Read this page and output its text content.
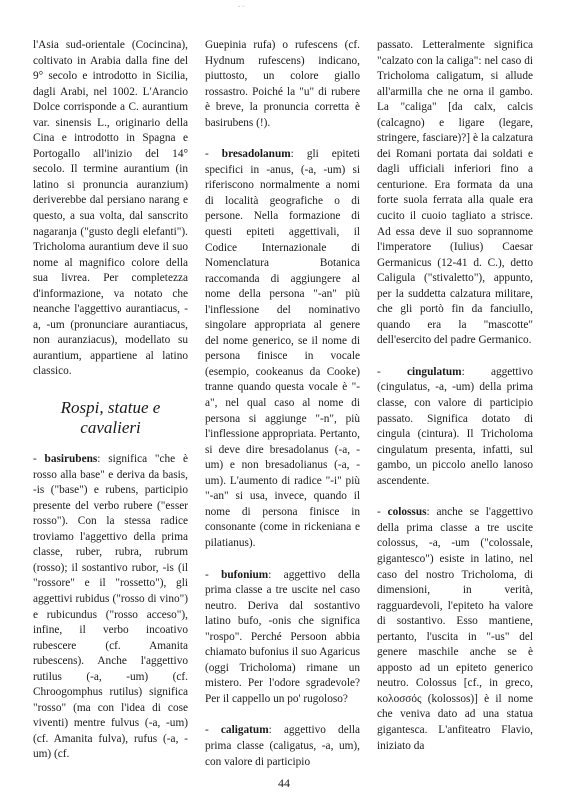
ᵕ ᵕ

l'Asia sud-orientale (Cocincina), coltivato in Arabia dalla fine del 9° secolo e introdotto in Sicilia, dagli Arabi, nel 1002. L'Arancio Dolce corrisponde a C. aurantium var. sinensis L., originario della Cina e introdotto in Spagna e Portogallo all'inizio del 14° secolo. Il termine aurantium (in latino si pronuncia auranzium) deriverebbe dal persiano narang e questo, a sua volta, dal sanscrito nagaranja ("gusto degli elefanti"). Tricholoma aurantium deve il suo nome al magnifico colore della sua livrea. Per completezza d'informazione, va notato che neanche l'aggettivo aurantiacus, -a, -um (pronunciare aurantiacus, non auranziacus), modellato su aurantium, appartiene al latino classico.

Rospi, statue e cavalieri

- basirubens: significa "che è rosso alla base" e deriva da basis, -is ("base") e rubens, participio presente del verbo rubere ("esser rosso"). Con la stessa radice troviamo l'aggettivo della prima classe, ruber, rubra, rubrum (rosso); il sostantivo rubor, -is (il "rossore" e il "rossetto"), gli aggettivi rubidus ("rosso di vino") e rubicundus ("rosso acceso"), infine, il verbo incoativo rubescere (cf. Amanita rubescens). Anche l'aggettivo rutilus (-a, -um) (cf. Chroogomphus rutilus) significa "rosso" (ma con l'idea di cose viventi) mentre fulvus (-a, -um) (cf. Amanita fulva), rufus (-a, -um) (cf.

Guepinia rufa) o rufescens (cf. Hydnum rufescens) indicano, piuttosto, un colore giallo rossastro. Poiché la "u" di rubere è breve, la pronuncia corretta è basirubens (!).

- bresadolanum: gli epiteti specifici in -anus, (-a, -um) si riferiscono normalmente a nomi di località geografiche o di persone. Nella formazione di questi epiteti aggettivali, il Codice Internazionale di Nomenclatura Botanica raccomanda di aggiungere al nome della persona "-an" più l'inflessione del nominativo singolare appropriata al genere del nome generico, se il nome di persona finisce in vocale (esempio, cookeanus da Cooke) tranne quando questa vocale è "-a", nel qual caso al nome di persona si aggiunge "-n", più l'inflessione appropriata. Pertanto, si deve dire bresadolanus (-a, -um) e non bresadolianus (-a, -um). L'aumento di radice "-i" più "-an" si usa, invece, quando il nome di persona finisce in consonante (come in rickeniana e pilatianus).

- bufonium: aggettivo della prima classe a tre uscite nel caso neutro. Deriva dal sostantivo latino bufo, -onis che significa "rospo". Perché Persoon abbia chiamato bufonius il suo Agaricus (oggi Tricholoma) rimane un mistero. Per l'odore sgradevole? Per il cappello un po' rugoloso?

- caligatum: aggettivo della prima classe (caligatus, -a, um), con valore di participio

passato. Letteralmente significa "calzato con la caliga": nel caso di Tricholoma caligatum, si allude all'armilla che ne orna il gambo. La "caliga" [da calx, calcis (calcagno) e ligare (legare, stringere, fasciare)?] è la calzatura dei Romani portata dai soldati e dagli ufficiali inferiori fino a centurione. Era formata da una forte suola ferrata alla quale era cucito il cuoio tagliato a strisce. Ad essa deve il suo soprannome l'imperatore (Iulius) Caesar Germanicus (12-41 d. C.), detto Caligula ("stivaletto"), appunto, per la suddetta calzatura militare, che gli portò fin da fanciullo, quando era la "mascotte" dell'esercito del padre Germanico.

- cingulatum: aggettivo (cingulatus, -a, -um) della prima classe, con valore di participio passato. Significa dotato di cingula (cintura). Il Tricholoma cingulatum presenta, infatti, sul gambo, un piccolo anello lanoso ascendente.

- colossus: anche se l'aggettivo della prima classe a tre uscite colossus, -a, -um ("colossale, gigantesco") esiste in latino, nel caso del nostro Tricholoma, di dimensioni, in verità, ragguardevoli, l'epiteto ha valore di sostantivo. Esso mantiene, pertanto, l'uscita in "-us" del genere maschile anche se è apposto ad un epiteto generico neutro. Colossus [cf., in greco, κολοσσός (kolossos)] è il nome che veniva dato ad una statua gigantesca. L'anfiteatro Flavio, iniziato da

44
